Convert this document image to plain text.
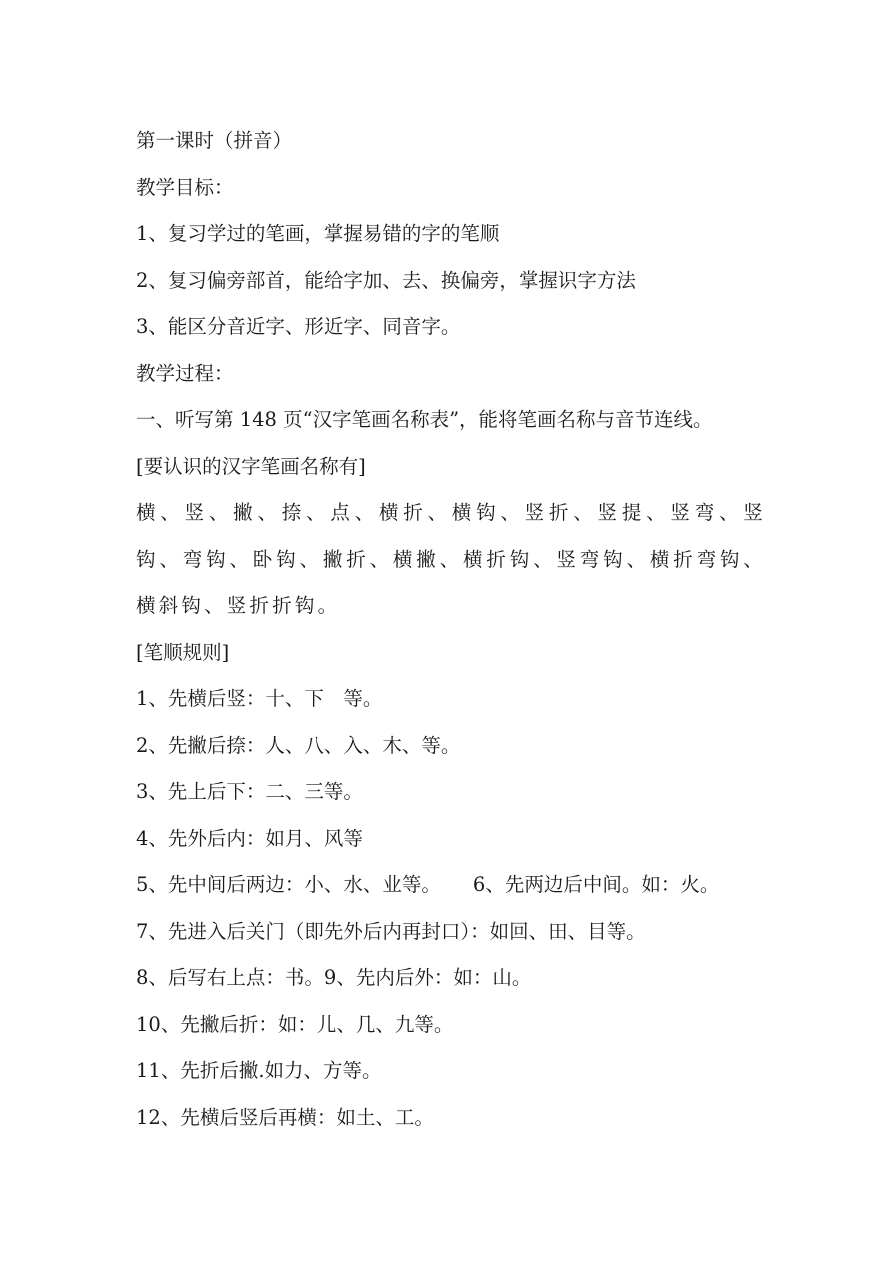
第一课时（拼音）
教学目标：
1、复习学过的笔画，掌握易错的字的笔顺
2、复习偏旁部首，能给字加、去、换偏旁，掌握识字方法
3、能区分音近字、形近字、同音字。
教学过程：
一、听写第 148 页“汉字笔画名称表”，能将笔画名称与音节连线。
[要认识的汉字笔画名称有]
横、竖、撇、捺、点、横折、横钩、竖折、竖提、竖弯、竖钩、弯钩、卧钩、撇折、横撇、横折钩、竖弯钩、横折弯钩、横斜钩、竖折折钩。
[笔顺规则]
1、先横后竖：十、下　等。
2、先撇后捺：人、八、入、木、等。
3、先上后下：二、三等。
4、先外后内：如月、风等
5、先中间后两边：小、水、业等。 6、先两边后中间。如：火。
7、先进入后关门（即先外后内再封口）：如回、田、目等。
8、后写右上点：书。9、先内后外：如：山。
10、先撇后折：如：儿、几、九等。
11、先折后撇.如力、方等。
12、先横后竖后再横：如土、工。
